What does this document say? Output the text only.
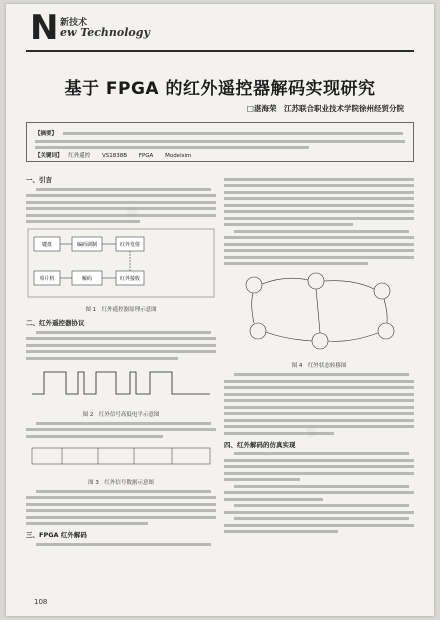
N 新技术
ew Technology
基于 FPGA 的红外遥控器解码实现研究
□湛海荣　江苏联合职业技术学院徐州经贸分院
【摘要】
【关键词】 红外遥控 VS1838B FPGA Modelsim
一、引言
键盘	编码调制	红外发射
红外接收
解码
单片机
图 1　红外遥控器原理示意图
二、红外遥控器协议
图 2　红外信号高低电平示意图
图 3　红外信号数据示意图
三、FPGA 红外解码
图 4　红外状态转移图
四、红外解码的仿真实现
108
▦
